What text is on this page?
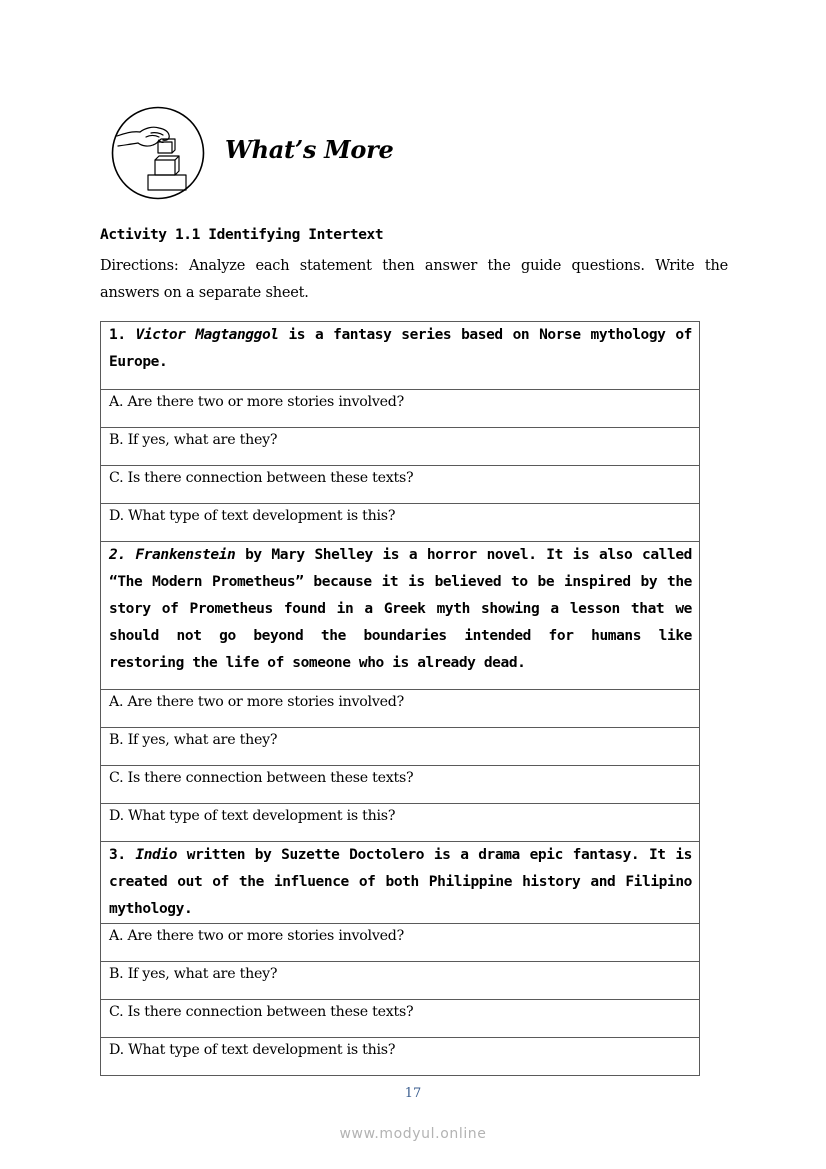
What’s More
Activity 1.1 Identifying Intertext

Directions: Analyze each statement then answer the guide questions. Write the answers on a separate sheet.

1. Victor Magtanggol is a fantasy series based on Norse mythology of Europe.
A. Are there two or more stories involved?
B. If yes, what are they?
C. Is there connection between these texts?
D. What type of text development is this?
2. Frankenstein by Mary Shelley is a horror novel. It is also called “The Modern Prometheus” because it is believed to be inspired by the story of Prometheus found in a Greek myth showing a lesson that we should not go beyond the boundaries intended for humans like restoring the life of someone who is already dead.
A. Are there two or more stories involved?
B. If yes, what are they?
C. Is there connection between these texts?
D. What type of text development is this?
3. Indio written by Suzette Doctolero is a drama epic fantasy. It is created out of the influence of both Philippine history and Filipino mythology.
A. Are there two or more stories involved?
B. If yes, what are they?
C. Is there connection between these texts?
D. What type of text development is this?
17
www.modyul.online
